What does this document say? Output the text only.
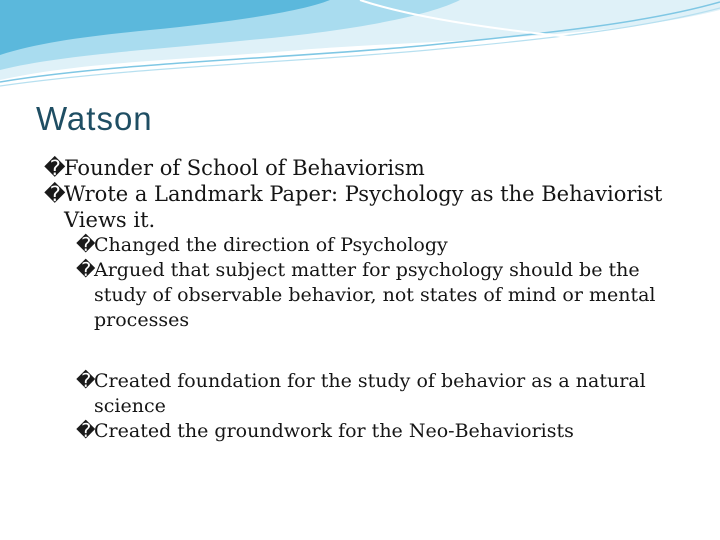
Watson
�
Founder of School of Behaviorism
�
Wrote a Landmark Paper: Psychology as the Behaviorist Views it.
�
Changed the direction of Psychology
�
Argued that subject matter for psychology should be the study of observable behavior, not states of mind or mental processes
�
Created foundation for the study of behavior as a natural science
�
Created the groundwork for the Neo-Behaviorists
